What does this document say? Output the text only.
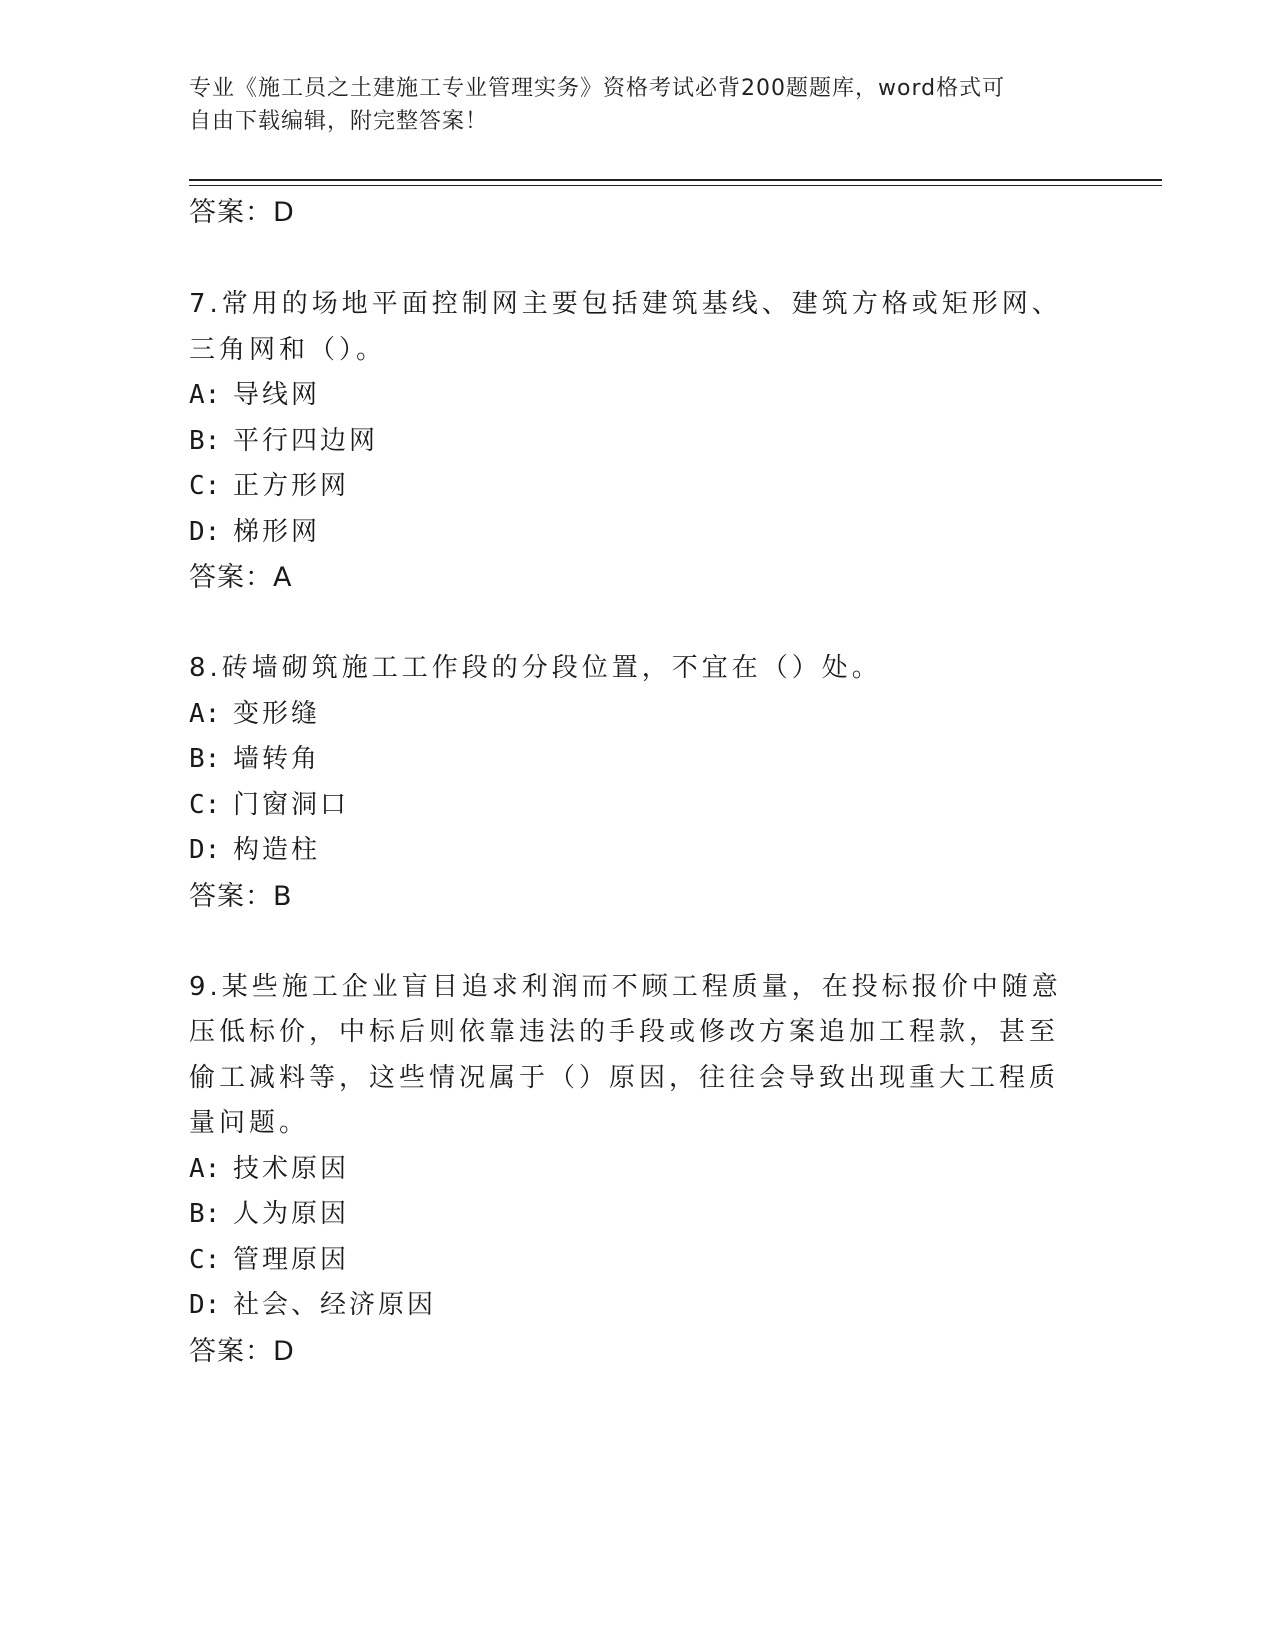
专业《施工员之土建施工专业管理实务》资格考试必背200题题库，word格式可
自由下载编辑，附完整答案！
答案：D
7.常用的场地平面控制网主要包括建筑基线、建筑方格或矩形网、三角网和（）。
A: 导线网
B: 平行四边网
C: 正方形网
D: 梯形网
答案：A
8.砖墙砌筑施工工作段的分段位置，不宜在（）处。
A: 变形缝
B: 墙转角
C: 门窗洞口
D: 构造柱
答案：B
9.某些施工企业盲目追求利润而不顾工程质量，在投标报价中随意压低标价，中标后则依靠违法的手段或修改方案追加工程款，甚至偷工减料等，这些情况属于（）原因，往往会导致出现重大工程质量问题。
A: 技术原因
B: 人为原因
C: 管理原因
D: 社会、经济原因
答案：D
